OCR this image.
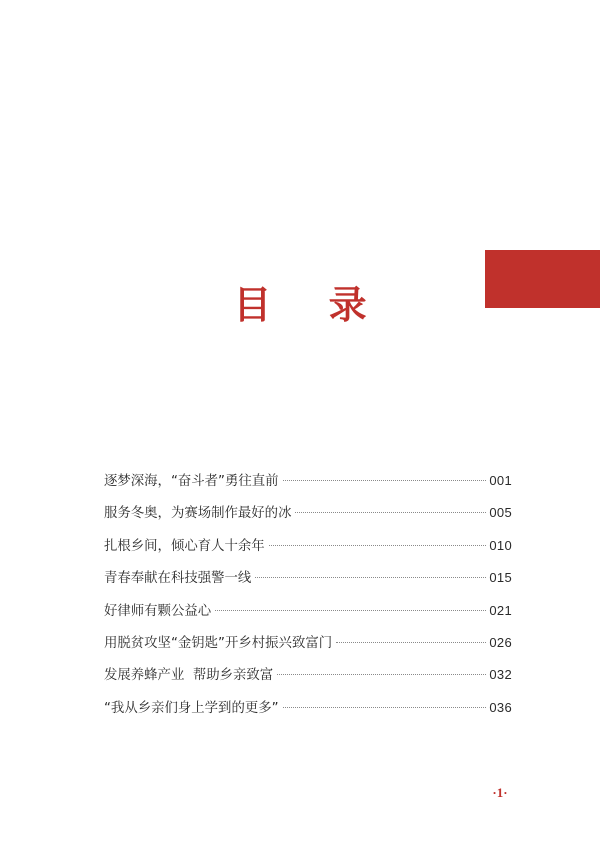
目 录
逐梦深海，“奋斗者”勇往直前	001
服务冬奥，为赛场制作最好的冰	005
扎根乡间，倾心育人十余年	010
青春奉献在科技强警一线	015
好律师有颗公益心	021
用脱贫攻坚“金钥匙”开乡村振兴致富门	026
发展养蜂产业  帮助乡亲致富	032
“我从乡亲们身上学到的更多”	036
·1·
